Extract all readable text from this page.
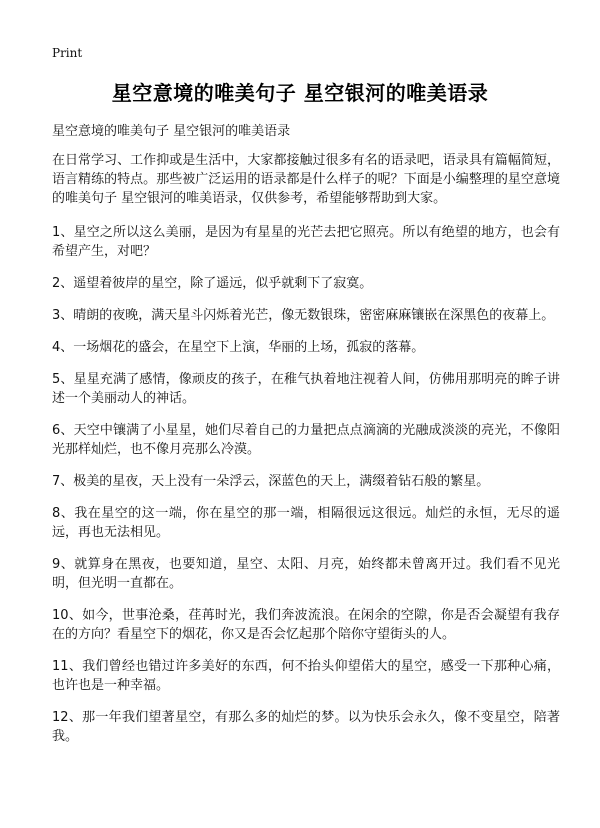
Print
星空意境的唯美句子 星空银河的唯美语录
星空意境的唯美句子 星空银河的唯美语录

在日常学习、工作抑或是生活中，大家都接触过很多有名的语录吧，语录具有篇幅简短，语言精练的特点。那些被广泛运用的语录都是什么样子的呢？下面是小编整理的星空意境的唯美句子 星空银河的唯美语录，仅供参考，希望能够帮助到大家。

1、星空之所以这么美丽，是因为有星星的光芒去把它照亮。所以有绝望的地方，也会有希望产生，对吧？

2、遥望着彼岸的星空，除了遥远，似乎就剩下了寂寞。

3、晴朗的夜晚，满天星斗闪烁着光芒，像无数银珠，密密麻麻镶嵌在深黑色的夜幕上。

4、一场烟花的盛会，在星空下上演，华丽的上场，孤寂的落幕。

5、星星充满了感情，像顽皮的孩子，在稚气执着地注视着人间，仿佛用那明亮的眸子讲述一个美丽动人的神话。

6、天空中镶满了小星星，她们尽着自己的力量把点点滴滴的光融成淡淡的亮光，不像阳光那样灿烂，也不像月亮那么冷漠。

7、极美的星夜，天上没有一朵浮云，深蓝色的天上，满缀着钻石般的繁星。

8、我在星空的这一端，你在星空的那一端，相隔很远这很远。灿烂的永恒，无尽的遥远，再也无法相见。

9、就算身在黑夜，也要知道，星空、太阳、月亮，始终都未曾离开过。我们看不见光明，但光明一直都在。

10、如今，世事沧桑，荏苒时光，我们奔波流浪。在闲余的空隙，你是否会凝望有我存在的方向？看星空下的烟花，你又是否会忆起那个陪你守望街头的人。

11、我们曾经也错过许多美好的东西，何不抬头仰望偌大的星空，感受一下那种心痛，也许也是一种幸福。

12、那一年我们望著星空，有那么多的灿烂的梦。以为快乐会永久，像不变星空，陪著我。
